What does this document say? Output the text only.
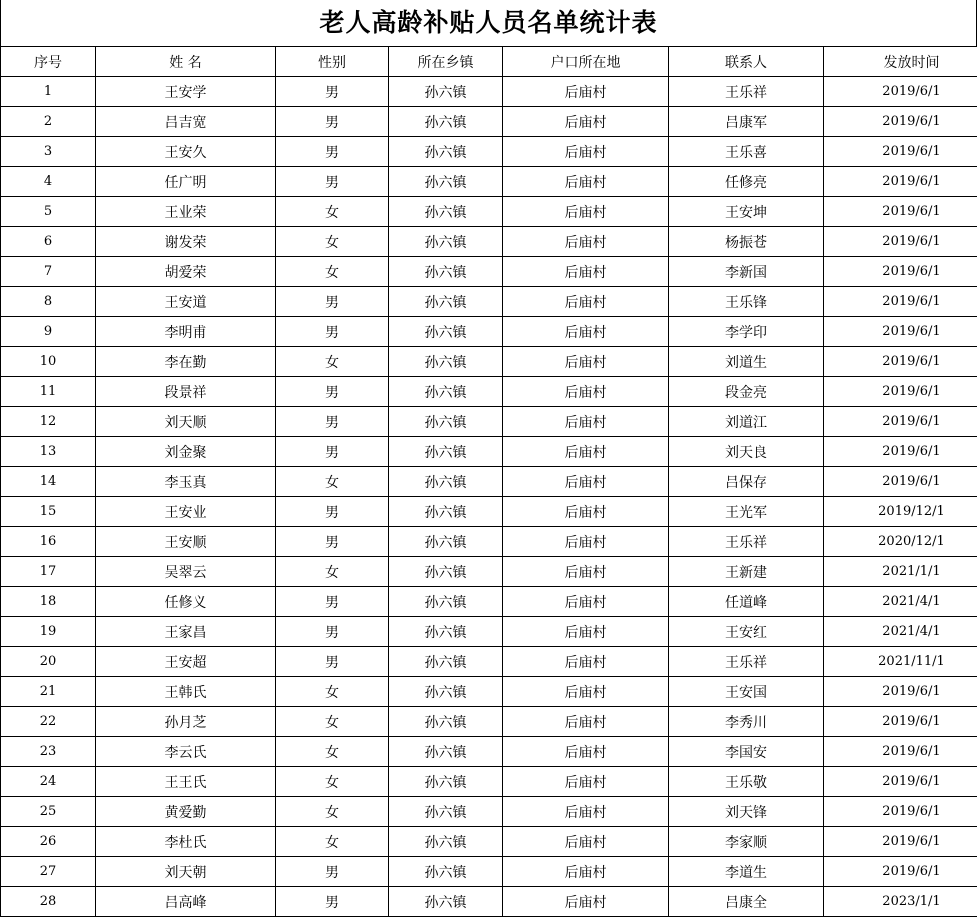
老人高龄补贴人员名单统计表
序号	姓 名	性别	所在乡镇	户口所在地	联系人	发放时间
1	王安学	男	孙六镇	后庙村	王乐祥	2019/6/1
2	吕吉宽	男	孙六镇	后庙村	吕康军	2019/6/1
3	王安久	男	孙六镇	后庙村	王乐喜	2019/6/1
4	任广明	男	孙六镇	后庙村	任修亮	2019/6/1
5	王业荣	女	孙六镇	后庙村	王安坤	2019/6/1
6	谢发荣	女	孙六镇	后庙村	杨振苍	2019/6/1
7	胡爱荣	女	孙六镇	后庙村	李新国	2019/6/1
8	王安道	男	孙六镇	后庙村	王乐锋	2019/6/1
9	李明甫	男	孙六镇	后庙村	李学印	2019/6/1
10	李在勤	女	孙六镇	后庙村	刘道生	2019/6/1
11	段景祥	男	孙六镇	后庙村	段金亮	2019/6/1
12	刘天顺	男	孙六镇	后庙村	刘道江	2019/6/1
13	刘金聚	男	孙六镇	后庙村	刘天良	2019/6/1
14	李玉真	女	孙六镇	后庙村	吕保存	2019/6/1
15	王安业	男	孙六镇	后庙村	王光军	2019/12/1
16	王安顺	男	孙六镇	后庙村	王乐祥	2020/12/1
17	吴翠云	女	孙六镇	后庙村	王新建	2021/1/1
18	任修义	男	孙六镇	后庙村	任道峰	2021/4/1
19	王家昌	男	孙六镇	后庙村	王安红	2021/4/1
20	王安超	男	孙六镇	后庙村	王乐祥	2021/11/1
21	王韩氏	女	孙六镇	后庙村	王安国	2019/6/1
22	孙月芝	女	孙六镇	后庙村	李秀川	2019/6/1
23	李云氏	女	孙六镇	后庙村	李国安	2019/6/1
24	王王氏	女	孙六镇	后庙村	王乐敬	2019/6/1
25	黄爱勤	女	孙六镇	后庙村	刘天锋	2019/6/1
26	李杜氏	女	孙六镇	后庙村	李家顺	2019/6/1
27	刘天朝	男	孙六镇	后庙村	李道生	2019/6/1
28	吕高峰	男	孙六镇	后庙村	吕康全	2023/1/1
